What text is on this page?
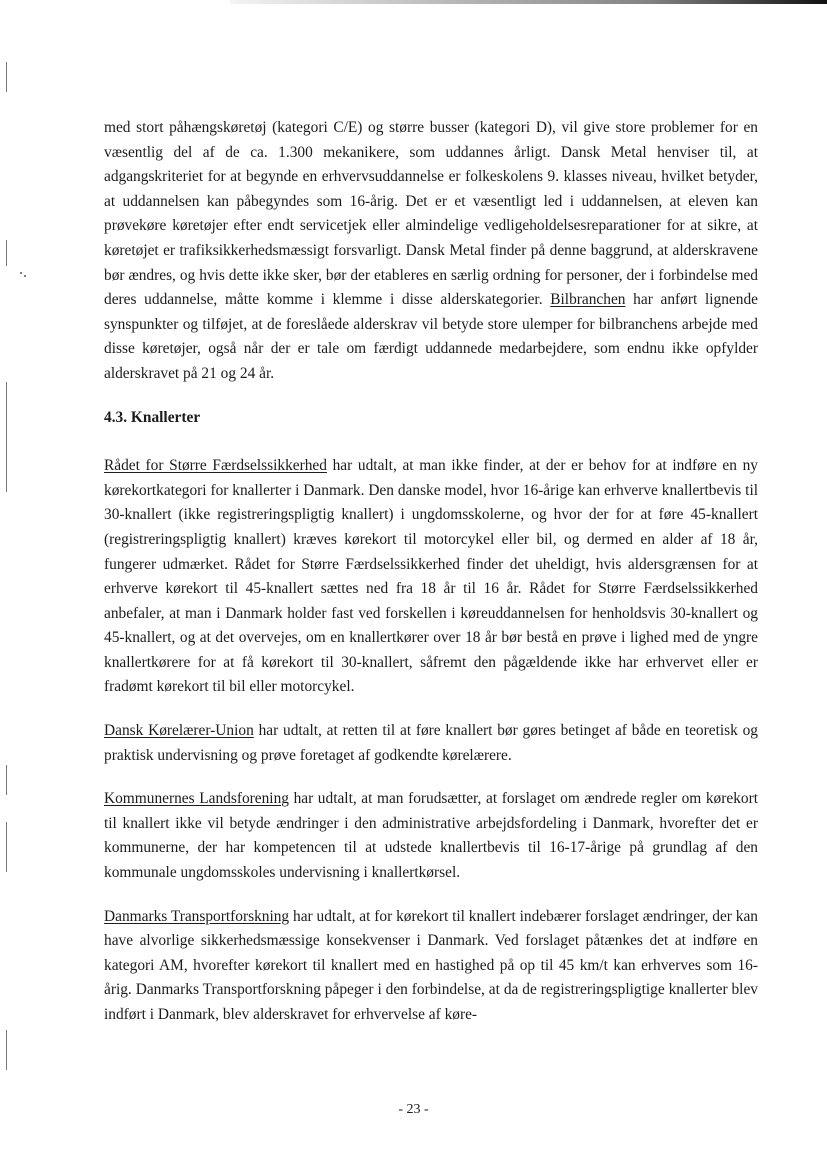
med stort påhængskøretøj (kategori C/E) og større busser (kategori D), vil give store problemer for en væsentlig del af de ca. 1.300 mekanikere, som uddannes årligt. Dansk Metal henviser til, at adgangskriteriet for at begynde en erhvervsuddannelse er folkeskolens 9. klasses niveau, hvilket betyder, at uddannelsen kan påbegyndes som 16-årig. Det er et væsentligt led i uddannelsen, at eleven kan prøvekøre køretøjer efter endt servicetjek eller almindelige vedligeholdelsesreparationer for at sikre, at køretøjet er trafiksikkerhedsmæssigt forsvarligt. Dansk Metal finder på denne baggrund, at alderskravene bør ændres, og hvis dette ikke sker, bør der etableres en særlig ordning for personer, der i forbindelse med deres uddannelse, måtte komme i klemme i disse alderskategorier. Bilbranchen har anført lignende synspunkter og tilføjet, at de foreslåede alderskrav vil betyde store ulemper for bilbranchens arbejde med disse køretøjer, også når der er tale om færdigt uddannede medarbejdere, som endnu ikke opfylder alderskravet på 21 og 24 år.

4.3. Knallerter

Rådet for Større Færdselssikkerhed har udtalt, at man ikke finder, at der er behov for at indføre en ny kørekortkategori for knallerter i Danmark. Den danske model, hvor 16-årige kan erhverve knallertbevis til 30-knallert (ikke registreringspligtig knallert) i ungdomsskolerne, og hvor der for at føre 45-knallert (registreringspligtig knallert) kræves kørekort til motorcykel eller bil, og dermed en alder af 18 år, fungerer udmærket. Rådet for Større Færdselssikkerhed finder det uheldigt, hvis aldersgrænsen for at erhverve kørekort til 45-knallert sættes ned fra 18 år til 16 år. Rådet for Større Færdselssikkerhed anbefaler, at man i Danmark holder fast ved forskellen i køreuddannelsen for henholdsvis 30-knallert og 45-knallert, og at det overvejes, om en knallertkører over 18 år bør bestå en prøve i lighed med de yngre knallertkørere for at få kørekort til 30-knallert, såfremt den pågældende ikke har erhvervet eller er fradømt kørekort til bil eller motorcykel.

Dansk Kørelærer-Union har udtalt, at retten til at føre knallert bør gøres betinget af både en teoretisk og praktisk undervisning og prøve foretaget af godkendte kørelærere.

Kommunernes Landsforening har udtalt, at man forudsætter, at forslaget om ændrede regler om kørekort til knallert ikke vil betyde ændringer i den administrative arbejdsfordeling i Danmark, hvorefter det er kommunerne, der har kompetencen til at udstede knallertbevis til 16-17-årige på grundlag af den kommunale ungdomsskoles undervisning i knallertkørsel.

Danmarks Transportforskning har udtalt, at for kørekort til knallert indebærer forslaget ændringer, der kan have alvorlige sikkerhedsmæssige konsekvenser i Danmark. Ved forslaget påtænkes det at indføre en kategori AM, hvorefter kørekort til knallert med en hastighed på op til 45 km/t kan erhverves som 16-årig. Danmarks Transportforskning påpeger i den forbindelse, at da de registreringspligtige knallerter blev indført i Danmark, blev alderskravet for erhvervelse af køre-

- 23 -
